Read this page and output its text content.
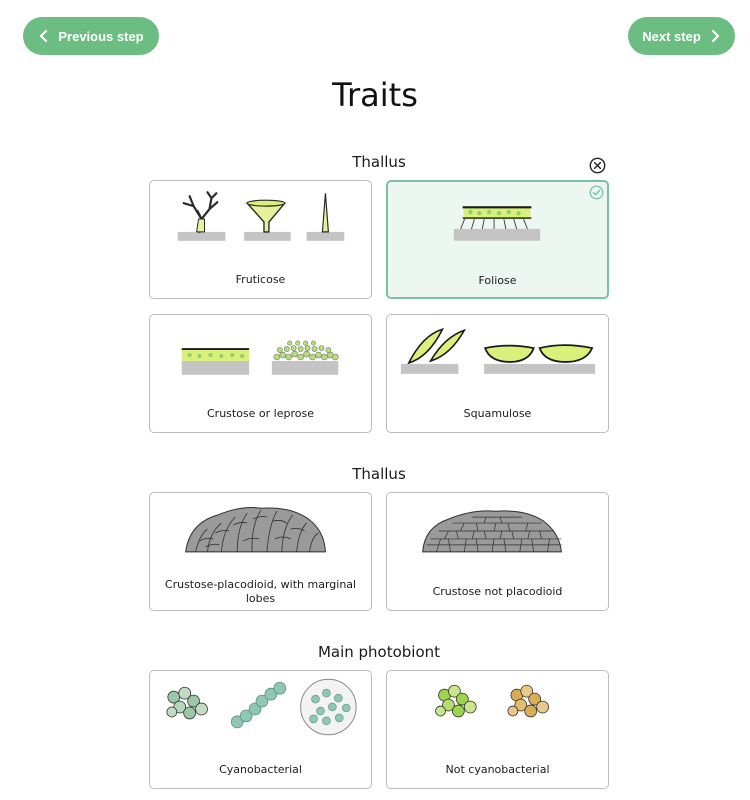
Previous step	Next step
Traits
Thallus
Fruticose	Foliose
Crustose or leprose	Squamulose
Thallus
Crustose-placodioid, with marginal lobes
Crustose not placodioid
Main photobiont
Cyanobacterial	Not cyanobacterial
